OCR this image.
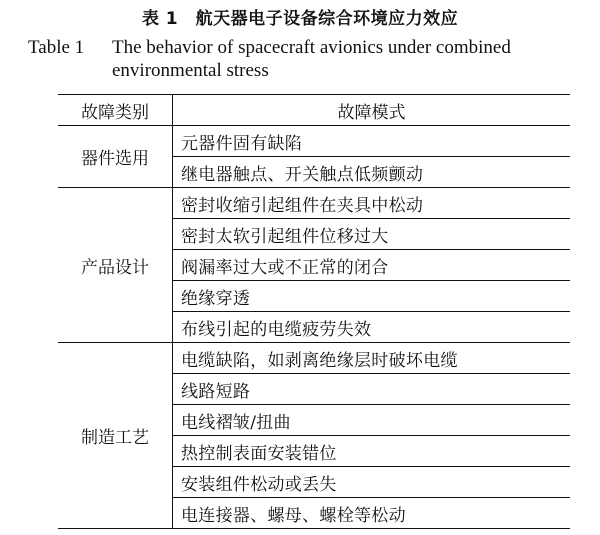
表 1　航天器电子设备综合环境应力效应
Table 1 The behavior of spacecraft avionics under combined
environmental stress
故障类别	故障模式
器件选用	元器件固有缺陷
	继电器触点、开关触点低频颤动
产品设计	密封收缩引起组件在夹具中松动
	密封太软引起组件位移过大
	阀漏率过大或不正常的闭合
	绝缘穿透
	布线引起的电缆疲劳失效
制造工艺	电缆缺陷，如剥离绝缘层时破坏电缆
	线路短路
	电线褶皱/扭曲
	热控制表面安装错位
	安装组件松动或丢失
	电连接器、螺母、螺栓等松动
